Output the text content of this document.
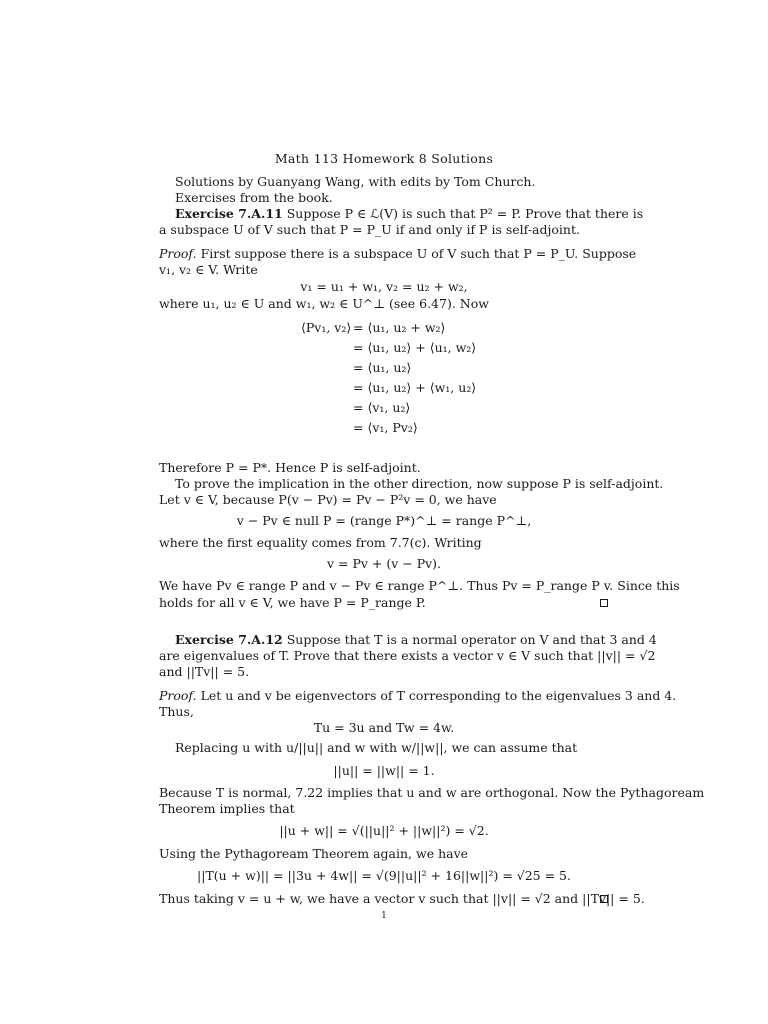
Math 113 Homework 8 Solutions
Solutions by Guanyang Wang, with edits by Tom Church.
Exercises from the book.
Exercise 7.A.11 Suppose P ∈ ℒ(V) is such that P² = P. Prove that there is
a subspace U of V such that P = P_U if and only if P is self-adjoint.
Proof. First suppose there is a subspace U of V such that P = P_U. Suppose
v₁, v₂ ∈ V. Write
v₁ = u₁ + w₁, v₂ = u₂ + w₂,
where u₁, u₂ ∈ U and w₁, w₂ ∈ U^⊥ (see 6.47). Now
⟨Pv₁, v₂⟩ = ⟨u₁, u₂ + w₂⟩
= ⟨u₁, u₂⟩ + ⟨u₁, w₂⟩
= ⟨u₁, u₂⟩
= ⟨u₁, u₂⟩ + ⟨w₁, u₂⟩
= ⟨v₁, u₂⟩
= ⟨v₁, Pv₂⟩
Therefore P = P*. Hence P is self-adjoint.
To prove the implication in the other direction, now suppose P is self-adjoint.
Let v ∈ V, because P(v − Pv) = Pv − P²v = 0, we have
v − Pv ∈ null P = (range P*)^⊥ = range P^⊥,
where the first equality comes from 7.7(c). Writing
v = Pv + (v − Pv).
We have Pv ∈ range P and v − Pv ∈ range P^⊥. Thus Pv = P_range P v. Since this
holds for all v ∈ V, we have P = P_range P.
Exercise 7.A.12 Suppose that T is a normal operator on V and that 3 and 4
are eigenvalues of T. Prove that there exists a vector v ∈ V such that ||v|| = √2
and ||Tv|| = 5.
Proof. Let u and v be eigenvectors of T corresponding to the eigenvalues 3 and 4.
Thus,
Tu = 3u and Tw = 4w.
Replacing u with u/||u|| and w with w/||w||, we can assume that
||u|| = ||w|| = 1.
Because T is normal, 7.22 implies that u and w are orthogonal. Now the Pythagoream
Theorem implies that
||u + w|| = √(||u||² + ||w||²) = √2.
Using the Pythagoream Theorem again, we have
||T(u + w)|| = ||3u + 4w|| = √(9||u||² + 16||w||²) = √25 = 5.
Thus taking v = u + w, we have a vector v such that ||v|| = √2 and ||Tv|| = 5.
1
